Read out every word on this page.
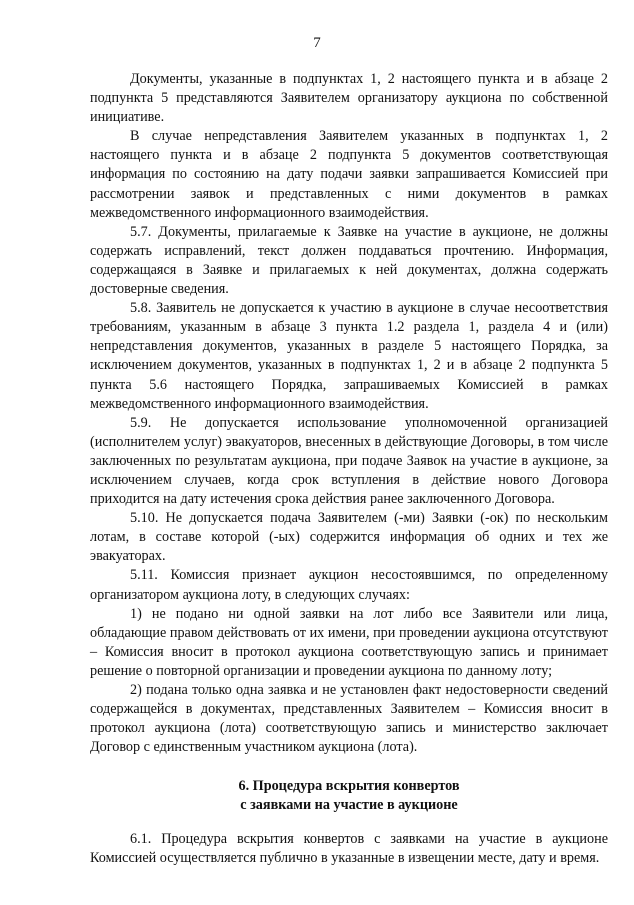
7

Документы, указанные в подпунктах 1, 2 настоящего пункта и в абзаце 2 подпункта 5 представляются Заявителем организатору аукциона по собственной инициативе.

В случае непредставления Заявителем указанных в подпунктах 1, 2 настоящего пункта и в абзаце 2 подпункта 5 документов соответствующая информация по состоянию на дату подачи заявки запрашивается Комиссией при рассмотрении заявок и представленных с ними документов в рамках межведомственного информационного взаимодействия.

5.7. Документы, прилагаемые к Заявке на участие в аукционе, не должны содержать исправлений, текст должен поддаваться прочтению. Информация, содержащаяся в Заявке и прилагаемых к ней документах, должна содержать достоверные сведения.

5.8. Заявитель не допускается к участию в аукционе в случае несоответствия требованиям, указанным в абзаце 3 пункта 1.2 раздела 1, раздела 4 и (или) непредставления документов, указанных в разделе 5 настоящего Порядка, за исключением документов, указанных в подпунктах 1, 2 и в абзаце 2 подпункта 5 пункта 5.6 настоящего Порядка, запрашиваемых Комиссией в рамках межведомственного информационного взаимодействия.

5.9. Не допускается использование уполномоченной организацией (исполнителем услуг) эвакуаторов, внесенных в действующие Договоры, в том числе заключенных по результатам аукциона, при подаче Заявок на участие в аукционе, за исключением случаев, когда срок вступления в действие нового Договора приходится на дату истечения срока действия ранее заключенного Договора.

5.10. Не допускается подача Заявителем (-ми) Заявки (-ок) по нескольким лотам, в составе которой (-ых) содержится информация об одних и тех же эвакуаторах.

5.11. Комиссия признает аукцион несостоявшимся, по определенному организатором аукциона лоту, в следующих случаях:

1) не подано ни одной заявки на лот либо все Заявители или лица, обладающие правом действовать от их имени, при проведении аукциона отсутствуют – Комиссия вносит в протокол аукциона соответствующую запись и принимает решение о повторной организации и проведении аукциона по данному лоту;

2) подана только одна заявка и не установлен факт недостоверности сведений содержащейся в документах, представленных Заявителем – Комиссия вносит в протокол аукциона (лота) соответствующую запись и министерство заключает Договор с единственным участником аукциона (лота).

6. Процедура вскрытия конвертов
с заявками на участие в аукционе

6.1. Процедура вскрытия конвертов с заявками на участие в аукционе Комиссией осуществляется публично в указанные в извещении месте, дату и время.
